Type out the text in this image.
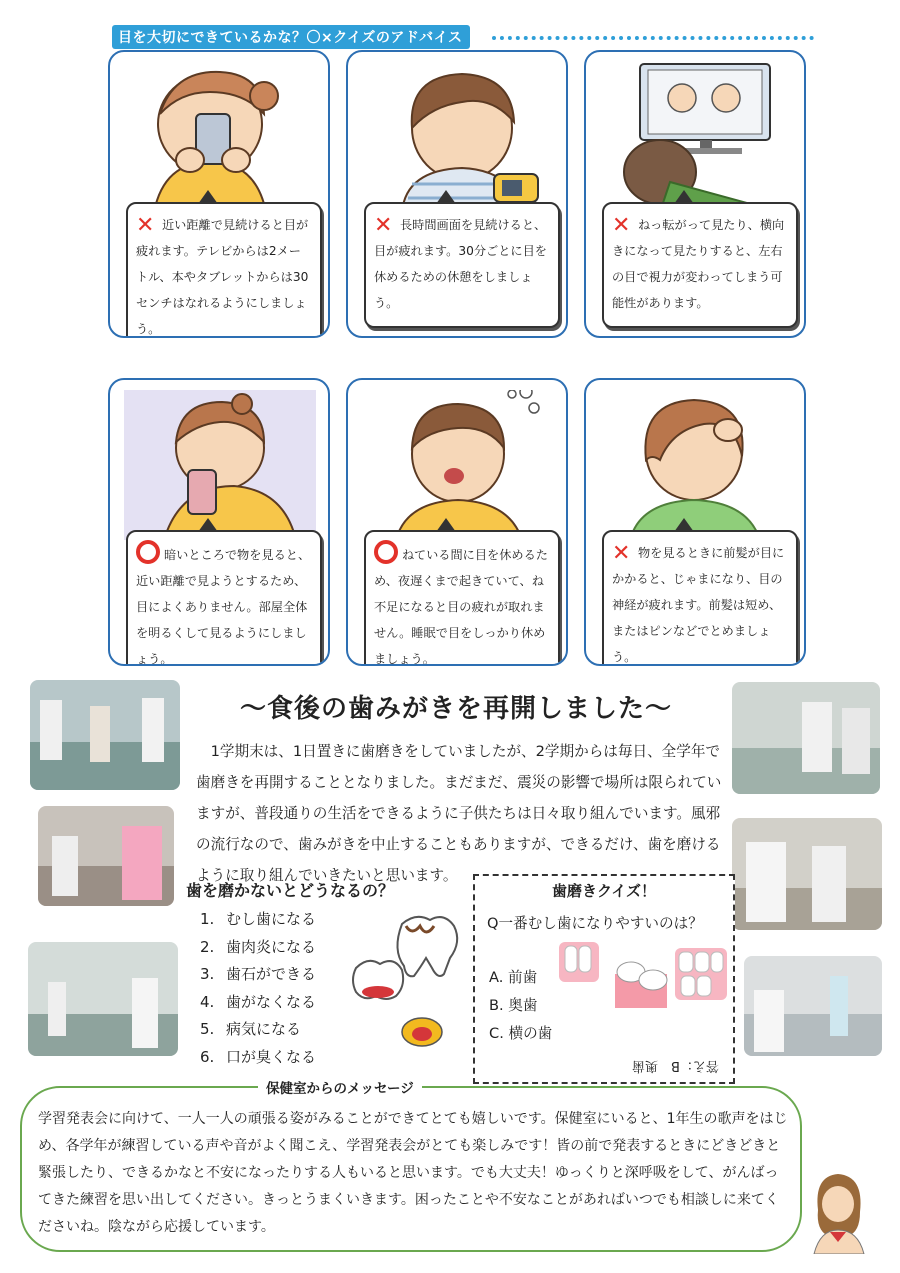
目を大切にできているかな？〇×クイズのアドバイス
✕ 近い距離で見続けると目が疲れます。テレビからは2メートル、本やタブレットからは30センチはなれるようにしましょう。
✕ 長時間画面を見続けると、目が疲れます。30分ごとに目を休めるための休憩をしましょう。
✕ ねっ転がって見たり、横向きになって見たりすると、左右の目で視力が変わってしまう可能性があります。
暗いところで物を見ると、近い距離で見ようとするため、目によくありません。部屋全体を明るくして見るようにしましょう。
ねている間に目を休めるため、夜遅くまで起きていて、ね不足になると目の疲れが取れません。睡眠で目をしっかり休めましょう。
✕ 物を見るときに前髪が目にかかると、じゃまになり、目の神経が疲れます。前髪は短め、またはピンなどでとめましょう。
～食後の歯みがきを再開しました～
1学期末は、1日置きに歯磨きをしていましたが、2学期からは毎日、全学年で歯磨きを再開することとなりました。まだまだ、震災の影響で場所は限られていますが、普段通りの生活をできるように子供たちは日々取り組んでいます。風邪の流行なので、歯みがきを中止することもありますが、できるだけ、歯を磨けるように取り組んでいきたいと思います。
歯を磨かないとどうなるの？
1. むし歯になる
2. 歯肉炎になる
3. 歯石ができる
4. 歯がなくなる
5. 病気になる
6. 口が臭くなる
歯磨きクイズ！
Q一番むし歯になりやすいのは？
A. 前歯
B. 奥歯
C. 横の歯
答え：B　奥歯
保健室からのメッセージ
学習発表会に向けて、一人一人の頑張る姿がみることができてとても嬉しいです。保健室にいると、1年生の歌声をはじめ、各学年が練習している声や音がよく聞こえ、学習発表会がとても楽しみです！皆の前で発表するときにどきどきと緊張したり、できるかなと不安になったりする人もいると思います。でも大丈夫！ゆっくりと深呼吸をして、がんばってきた練習を思い出してください。きっとうまくいきます。困ったことや不安なことがあればいつでも相談しに来てくださいね。陰ながら応援しています。
